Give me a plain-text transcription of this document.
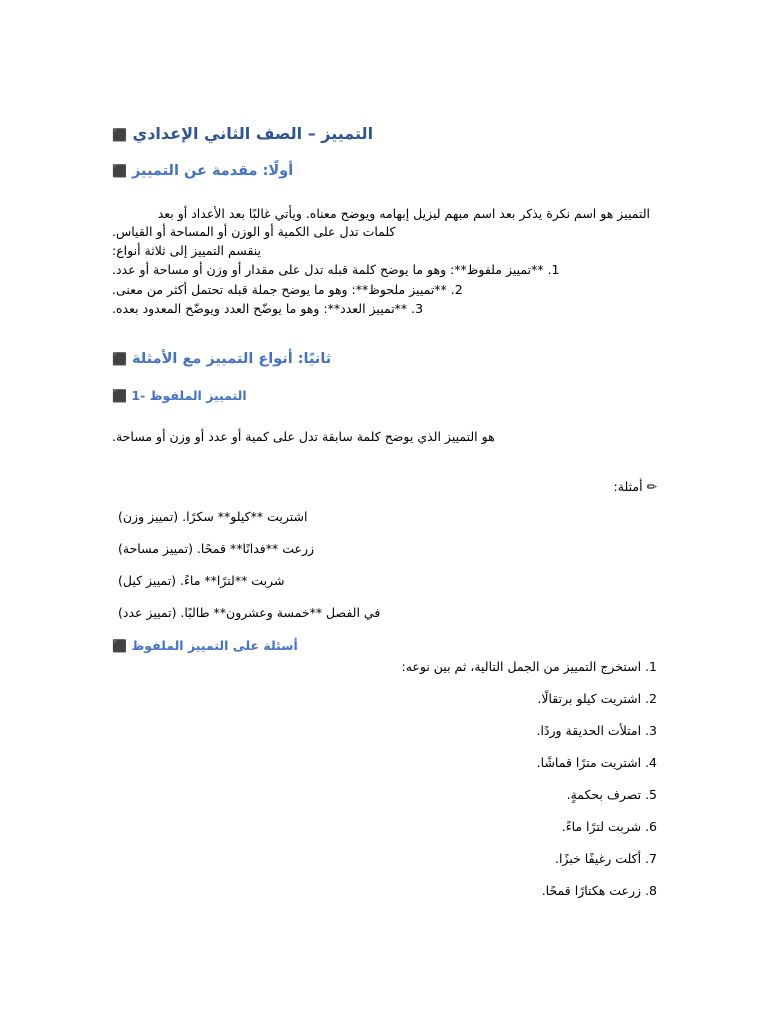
⬛ التمييز – الصف الثاني الإعدادي
⬛ أولًا: مقدمة عن التمييز
التمييز هو اسم نكرة يذكر بعد اسم مبهم ليزيل إبهامه ويوضح معناه. ويأتي غالبًا بعد الأعداد أو بعد
كلمات تدل على الكمية أو الوزن أو المساحة أو القياس.
ينقسم التمييز إلى ثلاثة أنواع:
1. **تمييز ملفوظ**: وهو ما يوضح كلمة قبله تدل على مقدار أو وزن أو مساحة أو عدد.
2. **تمييز ملحوظ**: وهو ما يوضح جملة قبله تحتمل أكثر من معنى.
3. **تمييز العدد**: وهو ما يوضّح العدد ويوضّح المعدود بعده.
⬛ ثانيًا: أنواع التمييز مع الأمثلة
⬛ 1- التمييز الملفوظ
هو التمييز الذي يوضح كلمة سابقة تدل على كمية أو عدد أو وزن أو مساحة.
✏ أمثلة:
اشتريت **كيلو** سكرًا. (تمييز وزن)
زرعت **فدانًا** قمحًا. (تمييز مساحة)
شربت **لترًا** ماءً. (تمييز كيل)
في الفصل **خمسة وعشرون** طالبًا. (تمييز عدد)
⬛ أسئلة على التمييز الملفوظ
1. استخرج التمييز من الجمل التالية، ثم بين نوعه:
2. اشتريت كيلو برتقالًا.
3. امتلأت الحديقة وردًا.
4. اشتريت مترًا قماشًا.
5. تصرف بحكمةٍ.
6. شربت لترًا ماءً.
7. أكلت رغيفًا خبزًا.
8. زرعت هكتارًا قمحًا.
